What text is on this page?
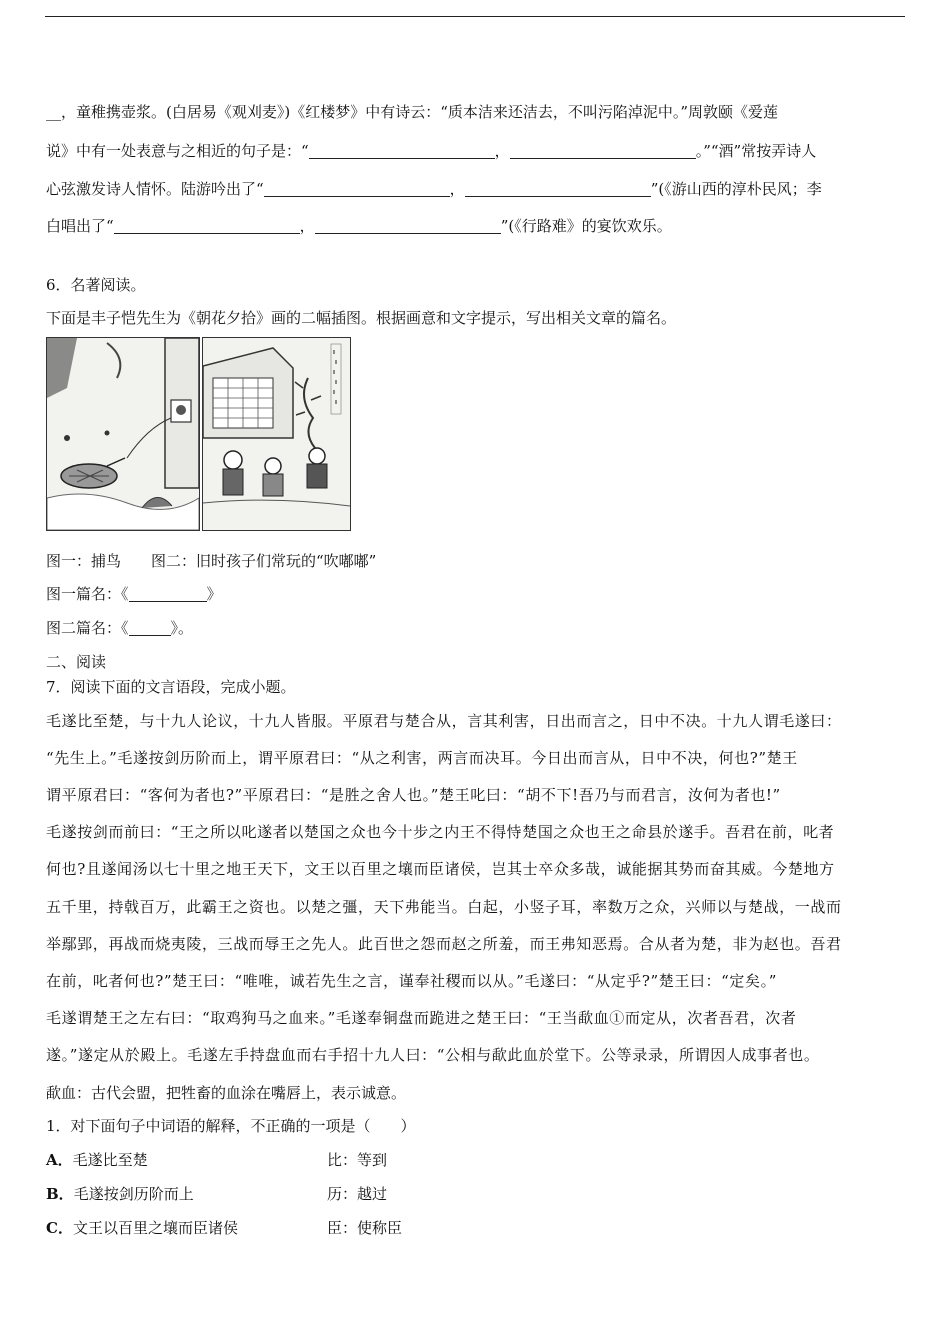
__，童稚携壶浆。(白居易《观刈麦》)《红楼梦》中有诗云：“质本洁来还洁去，不叫污陷淖泥中。”周敦颐《爱莲
说》中有一处表意与之相近的句子是：“	，	。”“酒”常按弄诗人
心弦激发诗人情怀。陆游吟出了“	，	”(《游山西的淳朴民风；李
白唱出了“	，	”(《行路难》的宴饮欢乐。
6．名著阅读。
下面是丰子恺先生为《朝花夕拾》画的二幅插图。根据画意和文字提示，写出相关文章的篇名。
图一：捕鸟　　图二：旧时孩子们常玩的“吹嘟嘟”
图一篇名：《	》
图二篇名：《	》。
二、阅读
7．阅读下面的文言语段，完成小题。
毛遂比至楚，与十九人论议，十九人皆服。平原君与楚合从，言其利害，日出而言之，日中不决。十九人谓毛遂曰：
“先生上。”毛遂按剑历阶而上，谓平原君曰：“从之利害，两言而决耳。今日出而言从，日中不决，何也?”楚王
谓平原君曰：“客何为者也?”平原君曰：“是胜之舍人也。”楚王叱曰：“胡不下!吾乃与而君言，汝何为者也!”
毛遂按剑而前曰：“王之所以叱遂者以楚国之众也今十步之内王不得恃楚国之众也王之命县於遂手。吾君在前，叱者
何也?且遂闻汤以七十里之地王天下，文王以百里之壤而臣诸侯，岂其士卒众多哉，诚能据其势而奋其威。今楚地方
五千里，持戟百万，此霸王之资也。以楚之彊，天下弗能当。白起，小竖子耳，率数万之众，兴师以与楚战，一战而
举鄢郢，再战而烧夷陵，三战而辱王之先人。此百世之怨而赵之所羞，而王弗知恶焉。合从者为楚，非为赵也。吾君
在前，叱者何也?”楚王曰：“唯唯，诚若先生之言，谨奉社稷而以从。”毛遂曰：“从定乎?”楚王曰：“定矣。”
毛遂谓楚王之左右曰：“取鸡狗马之血来。”毛遂奉铜盘而跪进之楚王曰：“王当歃血①而定从，次者吾君，次者
遂。”遂定从於殿上。毛遂左手持盘血而右手招十九人曰：“公相与歃此血於堂下。公等录录，所谓因人成事者也。
歃血：古代会盟，把牲畜的血涂在嘴唇上，表示诚意。
1．对下面句子中词语的解释，不正确的一项是（　　）
A．毛遂比至楚	比：等到
B．毛遂按剑历阶而上	历：越过
C．文王以百里之壤而臣诸侯	臣：使称臣
